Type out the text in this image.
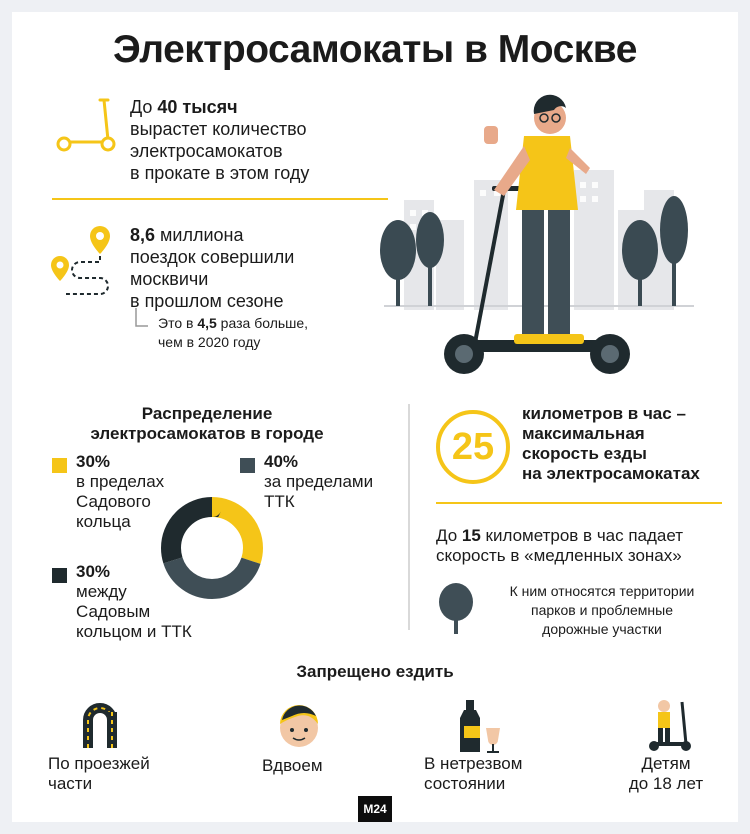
Электросамокаты в Москве
До 40 тысяч
вырастет количество
электросамокатов
в прокате в этом году
8,6 миллиона
поездок совершили
москвичи
в прошлом сезоне
Это в 4,5 раза больше,
чем в 2020 году
Распределение
электросамокатов в городе
30%
в пределах
Садового
кольца
40%
за пределами
ТТК
30%
между
Садовым
кольцом и ТТК
25
километров в час –
максимальная
скорость езды
на электросамокатах
До 15 километров в час падает
скорость в «медленных зонах»
К ним относятся территории
парков и проблемные
дорожные участки
Запрещено ездить
По проезжей
части
Вдвоем	В нетрезвом
состоянии
Детям
до 18 лет
M24
